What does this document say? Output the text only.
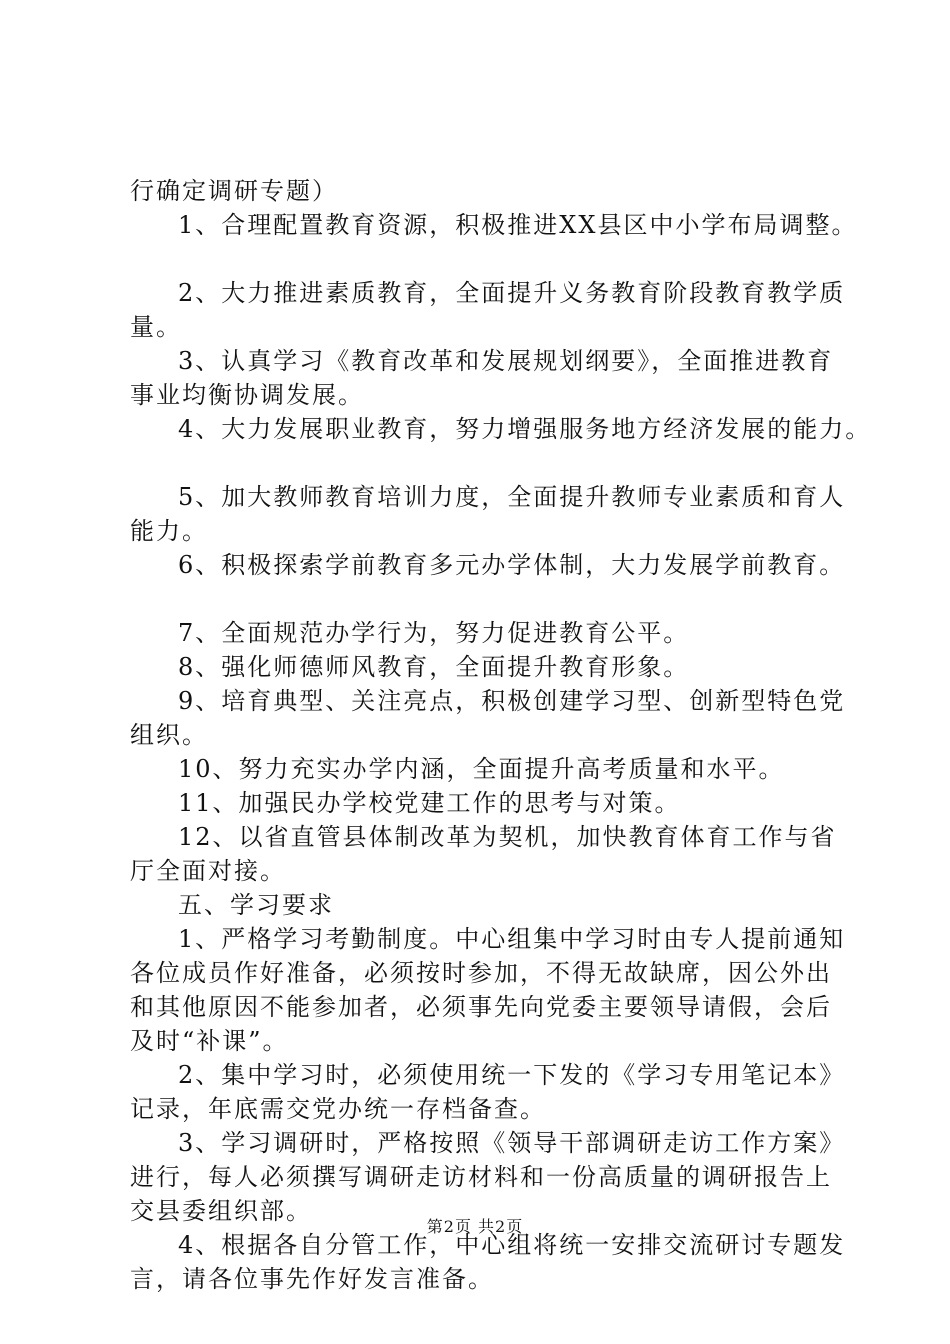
行确定调研专题）
1、合理配置教育资源，积极推进XX县区中小学布局调整。
2、大力推进素质教育，全面提升义务教育阶段教育教学质
量。
3、认真学习《教育改革和发展规划纲要》，全面推进教育
事业均衡协调发展。
4、大力发展职业教育，努力增强服务地方经济发展的能力。
5、加大教师教育培训力度，全面提升教师专业素质和育人
能力。
6、积极探索学前教育多元办学体制，大力发展学前教育。
7、全面规范办学行为，努力促进教育公平。
8、强化师德师风教育，全面提升教育形象。
9、培育典型、关注亮点，积极创建学习型、创新型特色党
组织。
10、努力充实办学内涵，全面提升高考质量和水平。
11、加强民办学校党建工作的思考与对策。
12、以省直管县体制改革为契机，加快教育体育工作与省
厅全面对接。
五、学习要求
1、严格学习考勤制度。中心组集中学习时由专人提前通知
各位成员作好准备，必须按时参加，不得无故缺席，因公外出
和其他原因不能参加者，必须事先向党委主要领导请假，会后
及时“补课”。
2、集中学习时，必须使用统一下发的《学习专用笔记本》
记录，年底需交党办统一存档备查。
3、学习调研时，严格按照《领导干部调研走访工作方案》
进行，每人必须撰写调研走访材料和一份高质量的调研报告上
交县委组织部。
4、根据各自分管工作，中心组将统一安排交流研讨专题发
言，请各位事先作好发言准备。
第2页 共2页
